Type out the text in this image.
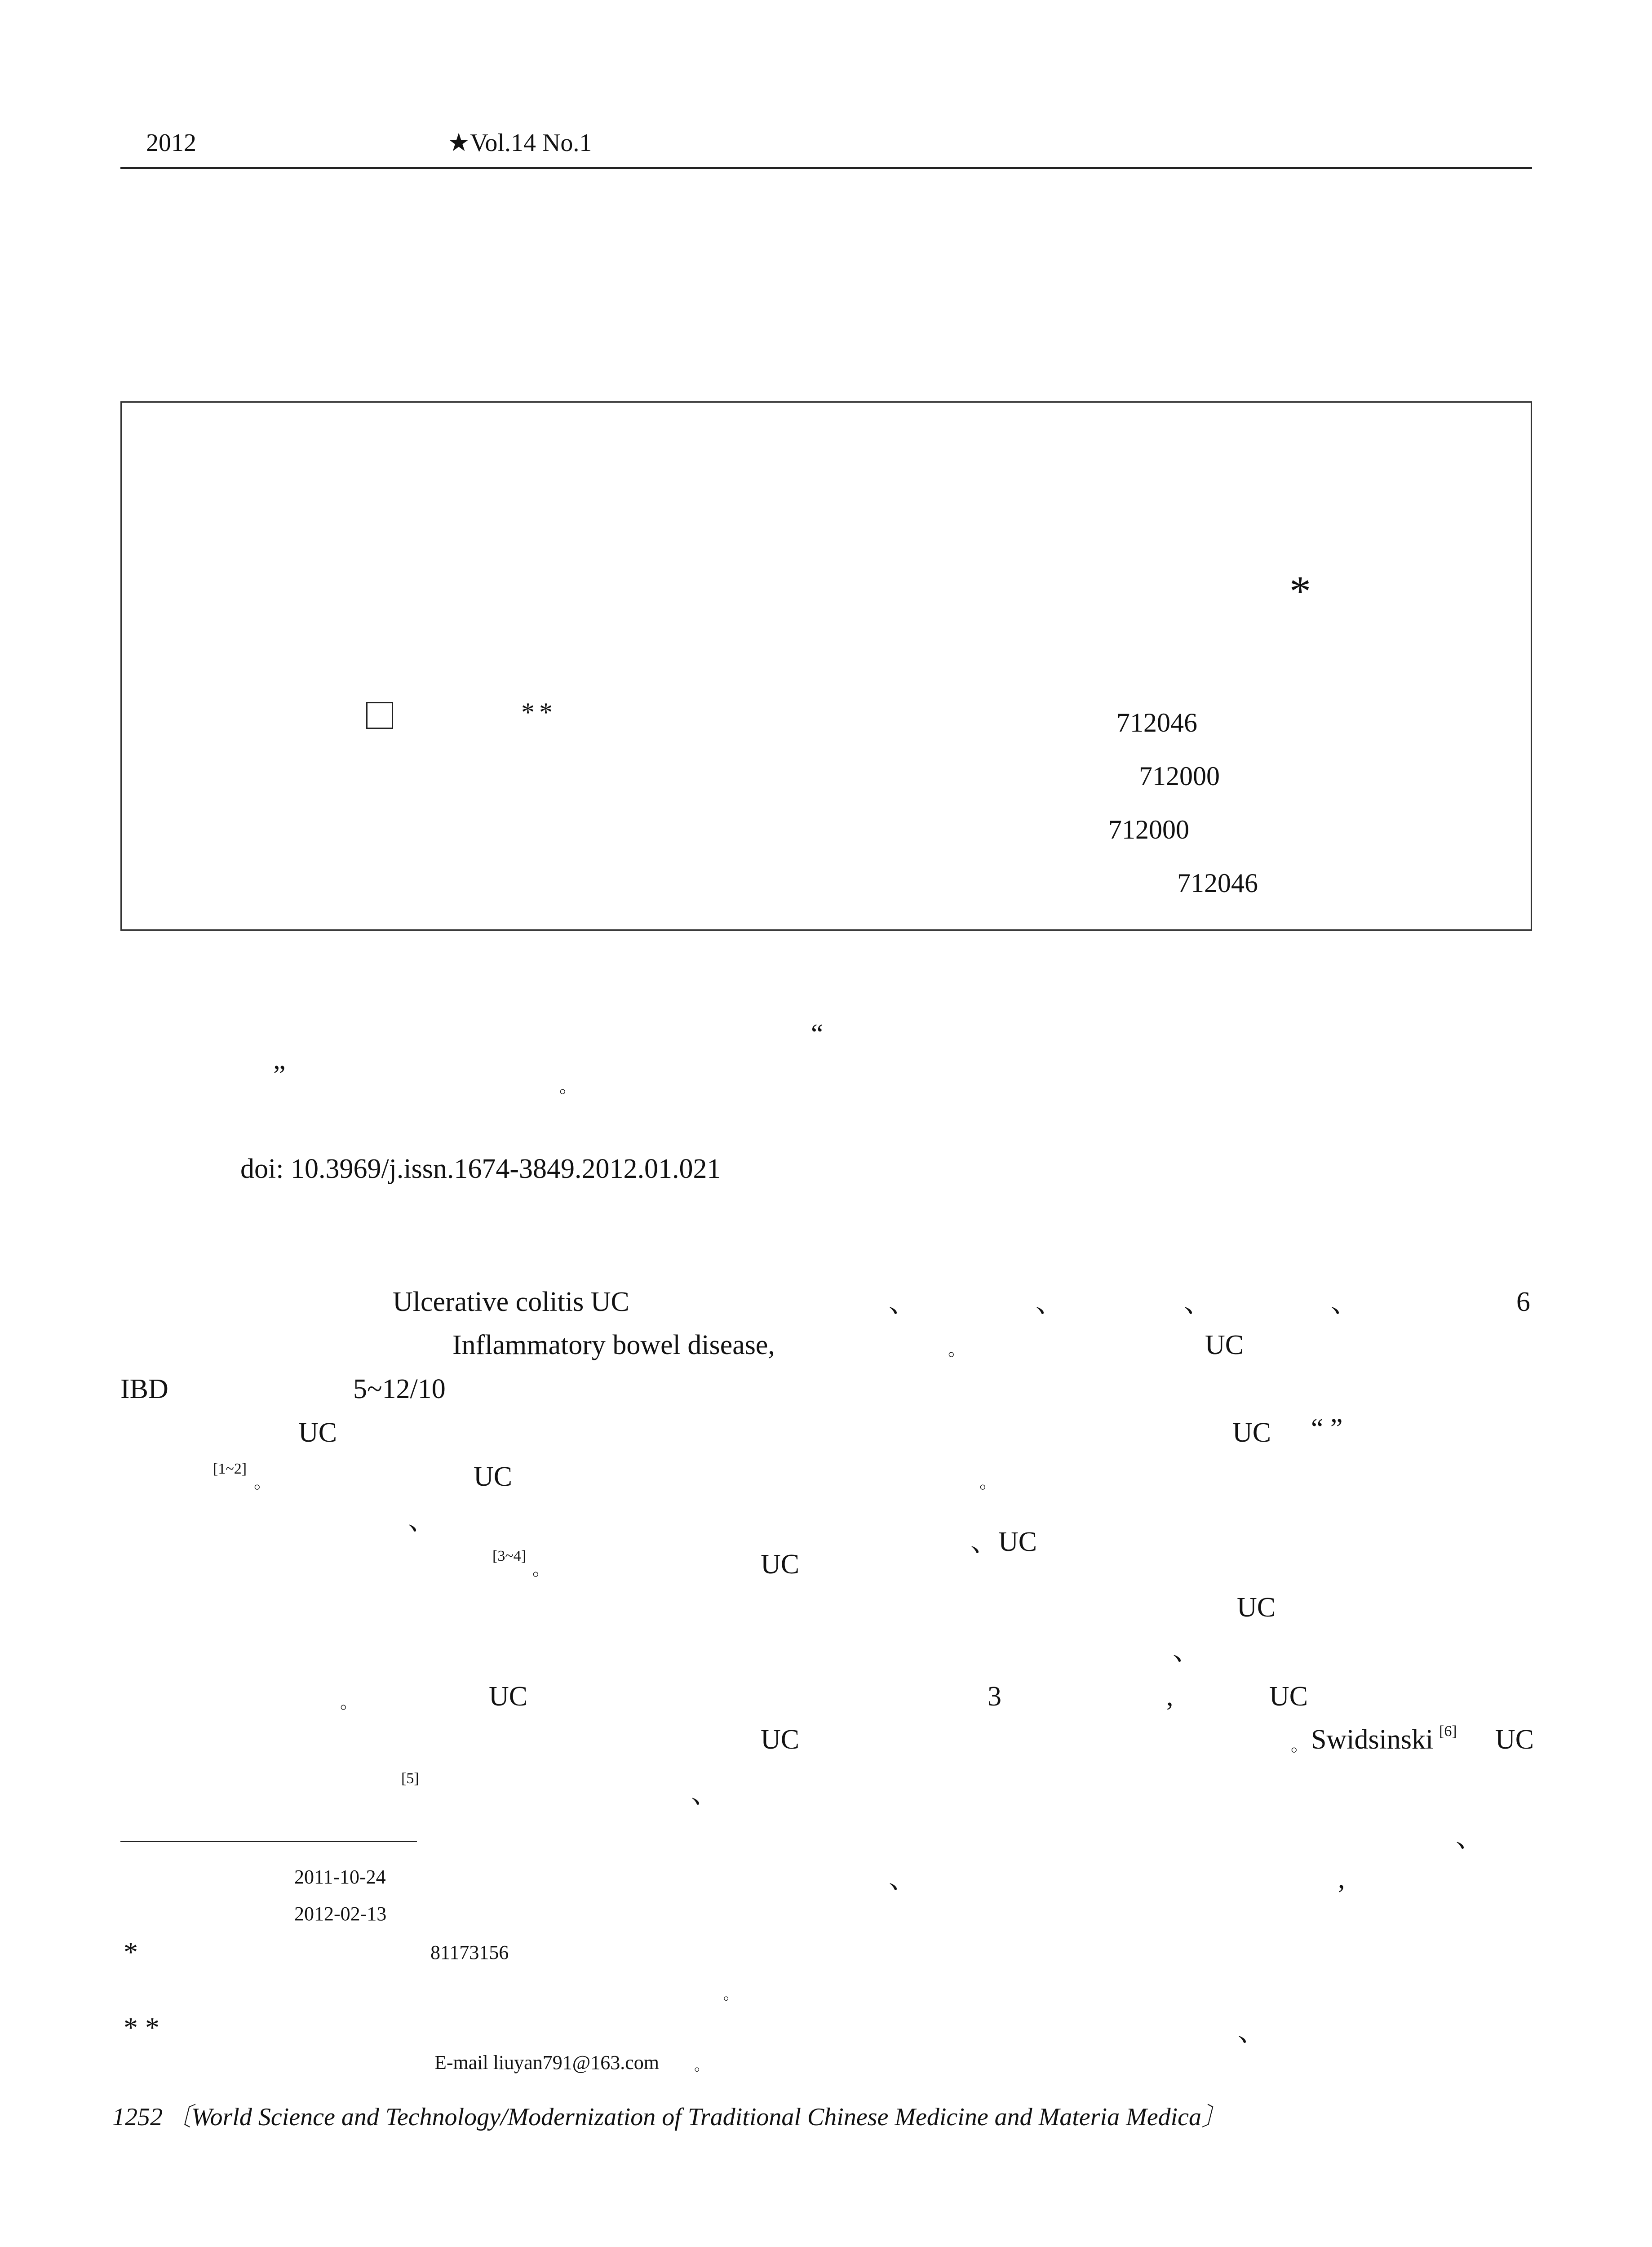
2012	★Vol.14 No.1
*
**	712046
712000
712000
712046
“
”	。
doi: 10.3969/j.issn.1674-3849.2012.01.021
Ulcerative colitis UC	、	、	、	、	6
Inflammatory bowel disease,	。	UC
IBD	5~12/10
UC	UC “ ”
[1~2]
。	UC	。
、
、UC
[3~4]
。	UC
UC
、
。	UC	3	,	UC
UC	。 Swidsinski [6] UC
[5]	、
、
、	,
。
、
2011-10-24
2012-02-13
*	81173156
* *
E-mail liuyan791@163.com 。
1252 〔World Science and Technology/Modernization of Traditional Chinese Medicine and Materia Medica〕
